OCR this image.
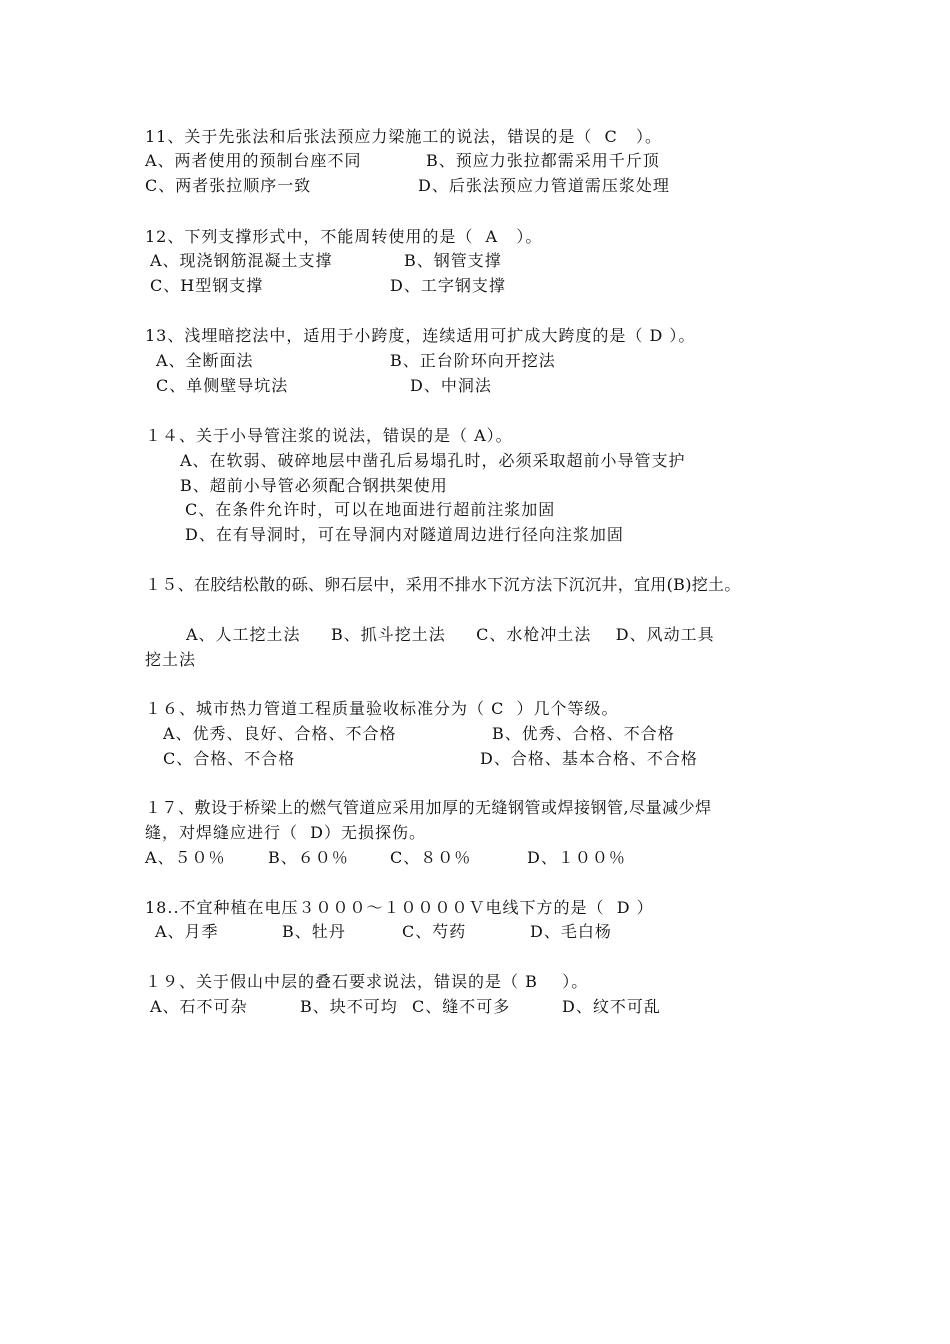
11、关于先张法和后张法预应力梁施工的说法，错误的是（  C   ）。
A、两者使用的预制台座不同	B、预应力张拉都需采用千斤顶
C、两者张拉顺序一致	D、后张法预应力管道需压浆处理
12、下列支撑形式中，不能周转使用的是（  A   ）。
A、现浇钢筋混凝土支撑	B、钢管支撑
C、H型钢支撑	D、工字钢支撑
13、浅埋暗挖法中，适用于小跨度，连续适用可扩成大跨度的是（ D ）。
A、全断面法	B、正台阶环向开挖法
C、单侧壁导坑法	D、中洞法
１４、关于小导管注浆的说法，错误的是（ A）。
A、在软弱、破碎地层中凿孔后易塌孔时，必须采取超前小导管支护
B、超前小导管必须配合钢拱架使用
C、在条件允许时，可以在地面进行超前注浆加固
D、在有导洞时，可在导洞内对隧道周边进行径向注浆加固
１５、在胶结松散的砾、卵石层中，采用不排水下沉方法下沉沉井，宜用(B)挖土。
A、人工挖土法     B、抓斗挖土法     C、水枪冲土法    D、风动工具
挖土法
１６、城市热力管道工程质量验收标准分为（ C  ）几个等级。
A、优秀、良好、合格、不合格	B、优秀、合格、不合格
C、合格、不合格	D、合格、基本合格、不合格
１７、敷设于桥梁上的燃气管道应采用加厚的无缝钢管或焊接钢管,尽量减少焊
缝，对焊缝应进行（  D）无损探伤。
A、５０％	B、６０％	C、８０％	D、１００％
18..不宜种植在电压３０００～１００００Ｖ电线下方的是（  D ）
A、月季	B、牡丹	C、芍药	D、毛白杨
１９、关于假山中层的叠石要求说法，错误的是（ B    ）。
A、石不可杂	B、块不可均 C、缝不可多	D、纹不可乱
